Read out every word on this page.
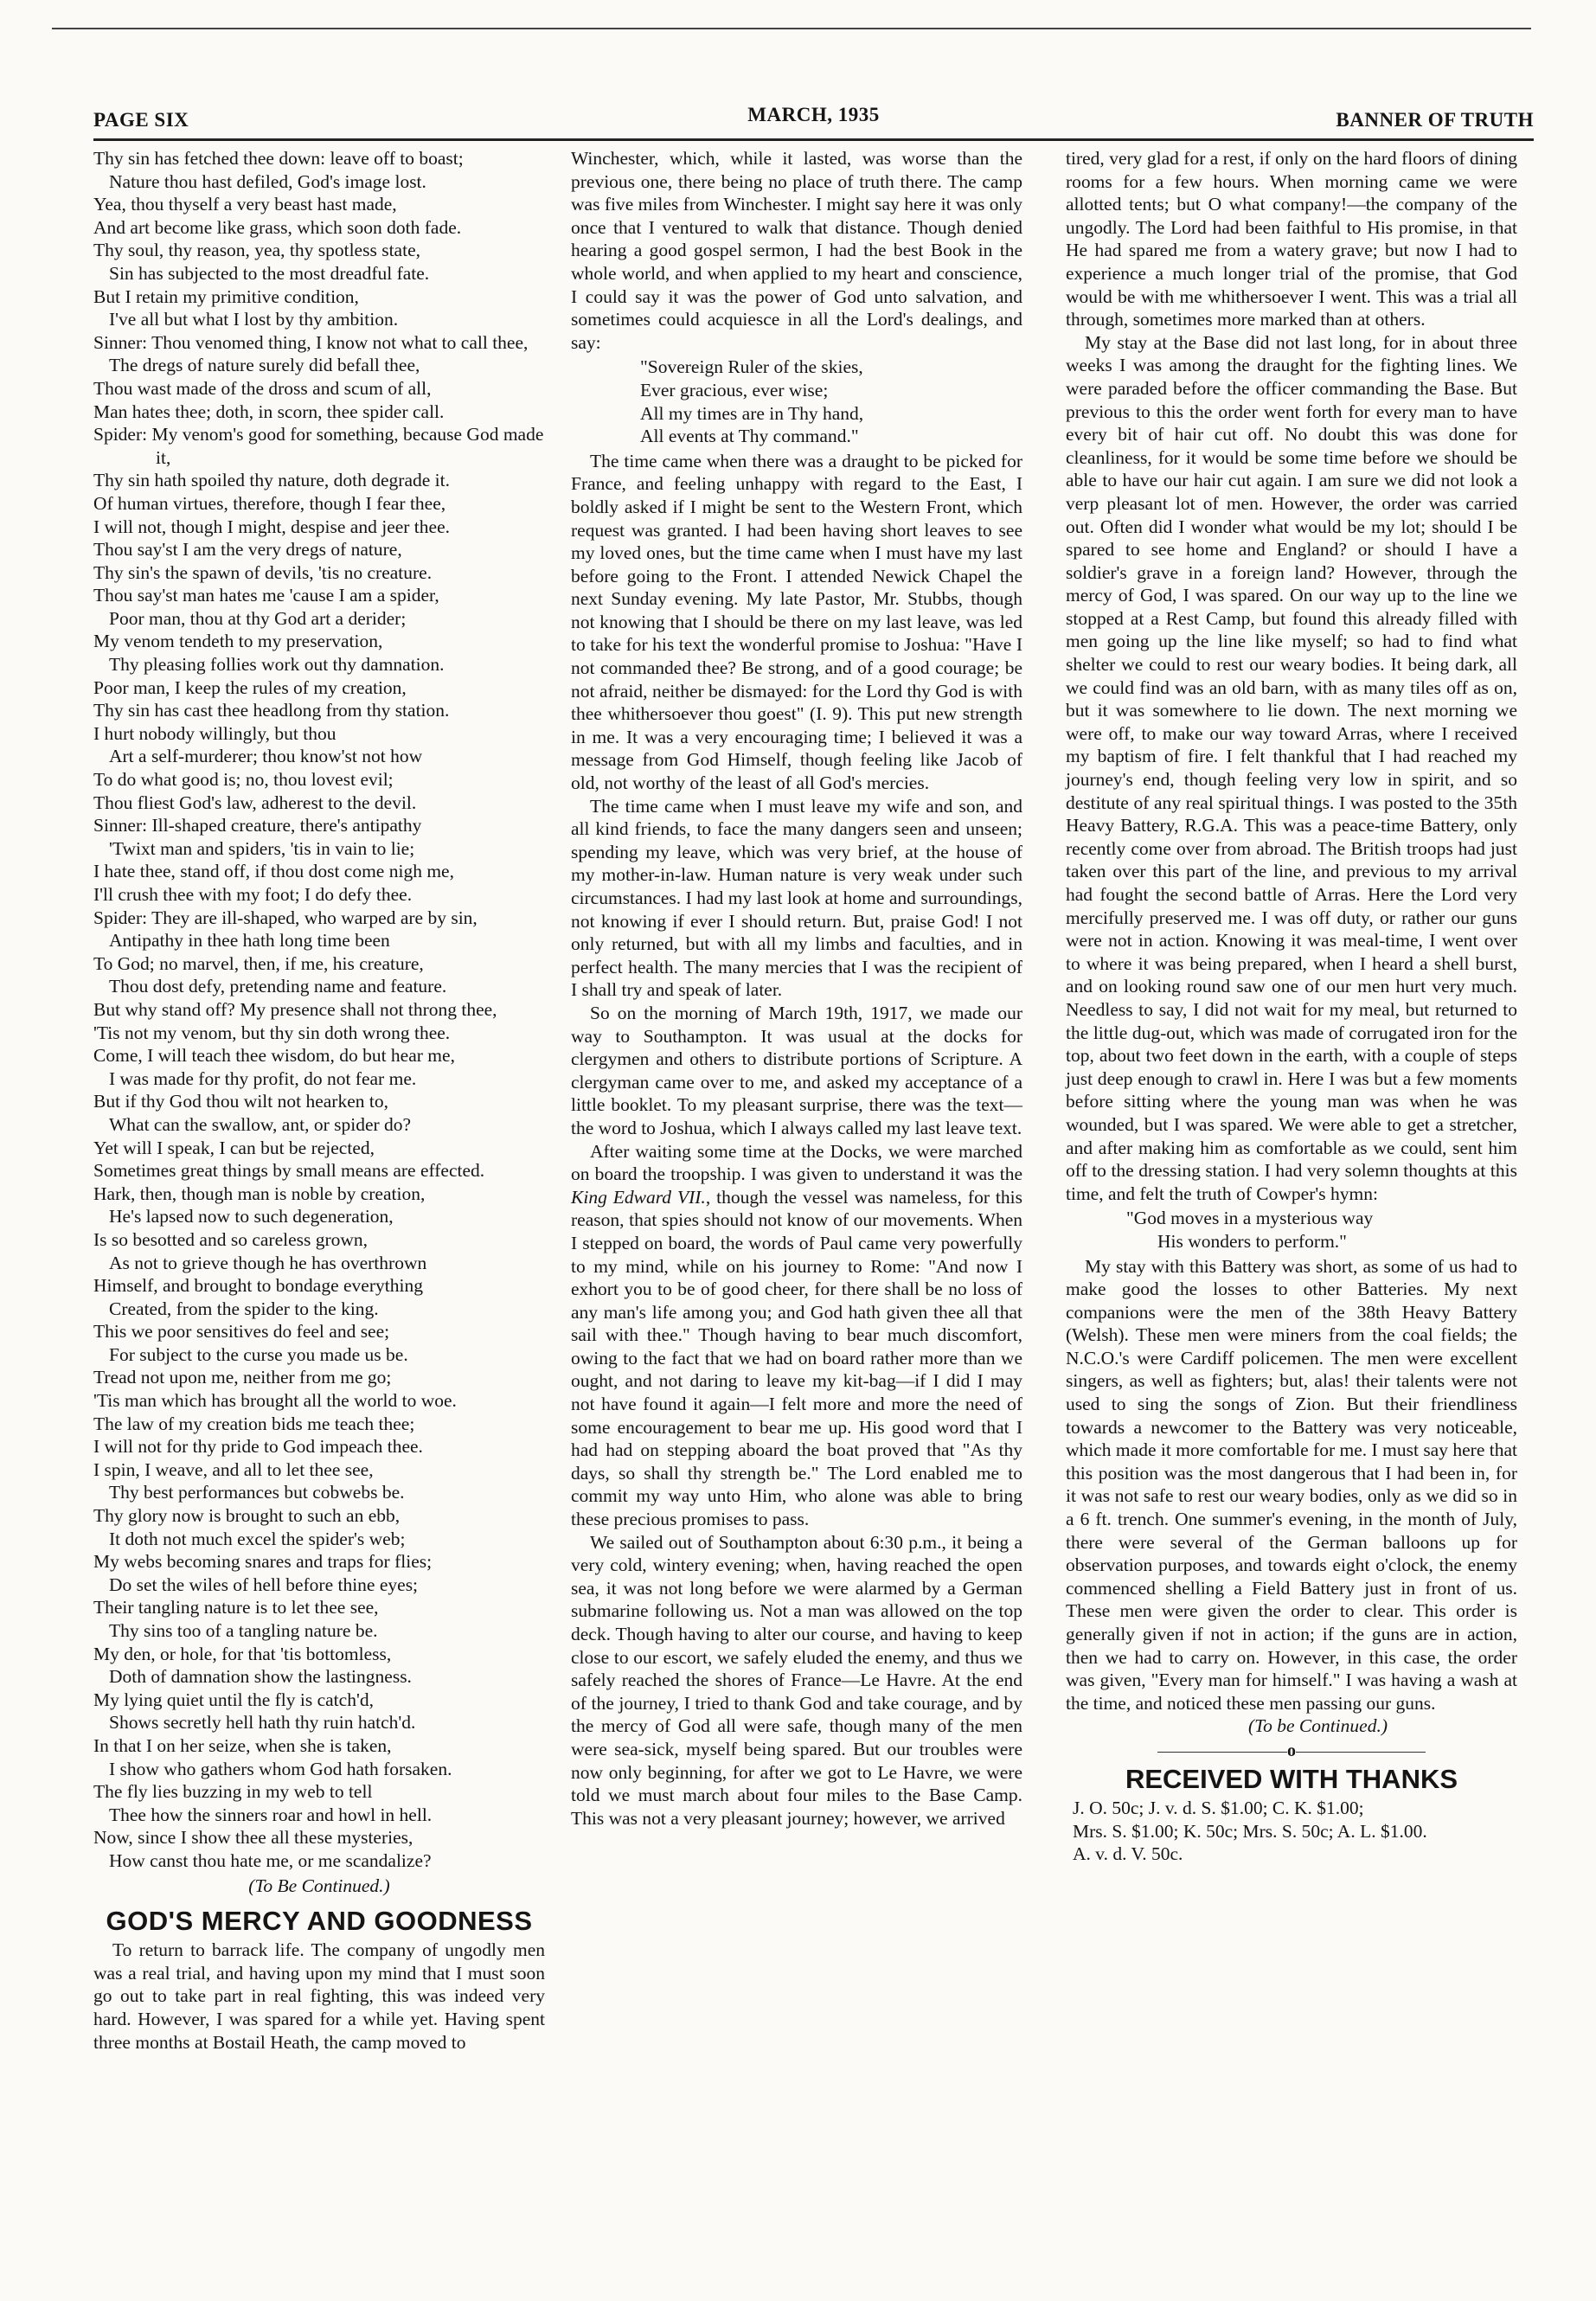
PAGE SIX	MARCH, 1935	BANNER OF TRUTH
Thy sin has fetched thee down: leave off to boast;
Nature thou hast defiled, God's image lost.
Yea, thou thyself a very beast hast made,
And art become like grass, which soon doth fade.
Thy soul, thy reason, yea, thy spotless state,
Sin has subjected to the most dreadful fate.
But I retain my primitive condition,
I've all but what I lost by thy ambition.
Sinner: Thou venomed thing, I know not what to call thee,
The dregs of nature surely did befall thee,
Thou wast made of the dross and scum of all,
Man hates thee; doth, in scorn, thee spider call.
Spider: My venom's good for something, because God made it,
Thy sin hath spoiled thy nature, doth degrade it.
Of human virtues, therefore, though I fear thee,
I will not, though I might, despise and jeer thee.
Thou say'st I am the very dregs of nature,
Thy sin's the spawn of devils, 'tis no creature.
Thou say'st man hates me 'cause I am a spider,
Poor man, thou at thy God art a derider;
My venom tendeth to my preservation,
Thy pleasing follies work out thy damnation.
Poor man, I keep the rules of my creation,
Thy sin has cast thee headlong from thy station.
I hurt nobody willingly, but thou
Art a self-murderer; thou know'st not how
To do what good is; no, thou lovest evil;
Thou fliest God's law, adherest to the devil.
Sinner: Ill-shaped creature, there's antipathy
'Twixt man and spiders, 'tis in vain to lie;
I hate thee, stand off, if thou dost come nigh me,
I'll crush thee with my foot; I do defy thee.
Spider: They are ill-shaped, who warped are by sin,
Antipathy in thee hath long time been
To God; no marvel, then, if me, his creature,
Thou dost defy, pretending name and feature.
But why stand off? My presence shall not throng thee,
'Tis not my venom, but thy sin doth wrong thee.
Come, I will teach thee wisdom, do but hear me,
I was made for thy profit, do not fear me.
But if thy God thou wilt not hearken to,
What can the swallow, ant, or spider do?
Yet will I speak, I can but be rejected,
Sometimes great things by small means are effected.
Hark, then, though man is noble by creation,
He's lapsed now to such degeneration,
Is so besotted and so careless grown,
As not to grieve though he has overthrown
Himself, and brought to bondage everything
Created, from the spider to the king.
This we poor sensitives do feel and see;
For subject to the curse you made us be.
Tread not upon me, neither from me go;
'Tis man which has brought all the world to woe.
The law of my creation bids me teach thee;
I will not for thy pride to God impeach thee.
I spin, I weave, and all to let thee see,
Thy best performances but cobwebs be.
Thy glory now is brought to such an ebb,
It doth not much excel the spider's web;
My webs becoming snares and traps for flies;
Do set the wiles of hell before thine eyes;
Their tangling nature is to let thee see,
Thy sins too of a tangling nature be.
My den, or hole, for that 'tis bottomless,
Doth of damnation show the lastingness.
My lying quiet until the fly is catch'd,
Shows secretly hell hath thy ruin hatch'd.
In that I on her seize, when she is taken,
I show who gathers whom God hath forsaken.
The fly lies buzzing in my web to tell
Thee how the sinners roar and howl in hell.
Now, since I show thee all these mysteries,
How canst thou hate me, or me scandalize?
(To Be Continued.)
GOD'S MERCY AND GOODNESS

To return to barrack life. The company of ungodly men was a real trial, and having upon my mind that I must soon go out to take part in real fighting, this was indeed very hard. However, I was spared for a while yet. Having spent three months at Bostail Heath, the camp moved to

Winchester, which, while it lasted, was worse than the previous one, there being no place of truth there. The camp was five miles from Winchester. I might say here it was only once that I ventured to walk that distance. Though denied hearing a good gospel sermon, I had the best Book in the whole world, and when applied to my heart and conscience, I could say it was the power of God unto salvation, and sometimes could acquiesce in all the Lord's dealings, and say:

"Sovereign Ruler of the skies,
Ever gracious, ever wise;
All my times are in Thy hand,
All events at Thy command."

The time came when there was a draught to be picked for France, and feeling unhappy with regard to the East, I boldly asked if I might be sent to the Western Front, which request was granted. I had been having short leaves to see my loved ones, but the time came when I must have my last before going to the Front. I attended Newick Chapel the next Sunday evening. My late Pastor, Mr. Stubbs, though not knowing that I should be there on my last leave, was led to take for his text the wonderful promise to Joshua: "Have I not commanded thee? Be strong, and of a good courage; be not afraid, neither be dismayed: for the Lord thy God is with thee whithersoever thou goest" (I. 9). This put new strength in me. It was a very encouraging time; I believed it was a message from God Himself, though feeling like Jacob of old, not worthy of the least of all God's mercies.

The time came when I must leave my wife and son, and all kind friends, to face the many dangers seen and unseen; spending my leave, which was very brief, at the house of my mother-in-law. Human nature is very weak under such circumstances. I had my last look at home and surroundings, not knowing if ever I should return. But, praise God! I not only returned, but with all my limbs and faculties, and in perfect health. The many mercies that I was the recipient of I shall try and speak of later.

So on the morning of March 19th, 1917, we made our way to Southampton. It was usual at the docks for clergymen and others to distribute portions of Scripture. A clergyman came over to me, and asked my acceptance of a little booklet. To my pleasant surprise, there was the text—the word to Joshua, which I always called my last leave text.

After waiting some time at the Docks, we were marched on board the troopship. I was given to understand it was the King Edward VII., though the vessel was nameless, for this reason, that spies should not know of our movements. When I stepped on board, the words of Paul came very powerfully to my mind, while on his journey to Rome: "And now I exhort you to be of good cheer, for there shall be no loss of any man's life among you; and God hath given thee all that sail with thee." Though having to bear much discomfort, owing to the fact that we had on board rather more than we ought, and not daring to leave my kit-bag—if I did I may not have found it again—I felt more and more the need of some encouragement to bear me up. His good word that I had had on stepping aboard the boat proved that "As thy days, so shall thy strength be." The Lord enabled me to commit my way unto Him, who alone was able to bring these precious promises to pass.

We sailed out of Southampton about 6:30 p.m., it being a very cold, wintery evening; when, having reached the open sea, it was not long before we were alarmed by a German submarine following us. Not a man was allowed on the top deck. Though having to alter our course, and having to keep close to our escort, we safely eluded the enemy, and thus we safely reached the shores of France—Le Havre. At the end of the journey, I tried to thank God and take courage, and by the mercy of God all were safe, though many of the men were sea-sick, myself being spared. But our troubles were now only beginning, for after we got to Le Havre, we were told we must march about four miles to the Base Camp. This was not a very pleasant journey; however, we arrived

tired, very glad for a rest, if only on the hard floors of dining rooms for a few hours. When morning came we were allotted tents; but O what company!—the company of the ungodly. The Lord had been faithful to His promise, in that He had spared me from a watery grave; but now I had to experience a much longer trial of the promise, that God would be with me whithersoever I went. This was a trial all through, sometimes more marked than at others.

My stay at the Base did not last long, for in about three weeks I was among the draught for the fighting lines. We were paraded before the officer commanding the Base. But previous to this the order went forth for every man to have every bit of hair cut off. No doubt this was done for cleanliness, for it would be some time before we should be able to have our hair cut again. I am sure we did not look a verp pleasant lot of men. However, the order was carried out. Often did I wonder what would be my lot; should I be spared to see home and England? or should I have a soldier's grave in a foreign land? However, through the mercy of God, I was spared. On our way up to the line we stopped at a Rest Camp, but found this already filled with men going up the line like myself; so had to find what shelter we could to rest our weary bodies. It being dark, all we could find was an old barn, with as many tiles off as on, but it was somewhere to lie down. The next morning we were off, to make our way toward Arras, where I received my baptism of fire. I felt thankful that I had reached my journey's end, though feeling very low in spirit, and so destitute of any real spiritual things. I was posted to the 35th Heavy Battery, R.G.A. This was a peace-time Battery, only recently come over from abroad. The British troops had just taken over this part of the line, and previous to my arrival had fought the second battle of Arras. Here the Lord very mercifully preserved me. I was off duty, or rather our guns were not in action. Knowing it was meal-time, I went over to where it was being prepared, when I heard a shell burst, and on looking round saw one of our men hurt very much. Needless to say, I did not wait for my meal, but returned to the little dug-out, which was made of corrugated iron for the top, about two feet down in the earth, with a couple of steps just deep enough to crawl in. Here I was but a few moments before sitting where the young man was when he was wounded, but I was spared. We were able to get a stretcher, and after making him as comfortable as we could, sent him off to the dressing station. I had very solemn thoughts at this time, and felt the truth of Cowper's hymn:

"God moves in a mysterious way
His wonders to perform."

My stay with this Battery was short, as some of us had to make good the losses to other Batteries. My next companions were the men of the 38th Heavy Battery (Welsh). These men were miners from the coal fields; the N.C.O.'s were Cardiff policemen. The men were excellent singers, as well as fighters; but, alas! their talents were not used to sing the songs of Zion. But their friendliness towards a newcomer to the Battery was very noticeable, which made it more comfortable for me. I must say here that this position was the most dangerous that I had been in, for it was not safe to rest our weary bodies, only as we did so in a 6 ft. trench. One summer's evening, in the month of July, there were several of the German balloons up for observation purposes, and towards eight o'clock, the enemy commenced shelling a Field Battery just in front of us. These men were given the order to clear. This order is generally given if not in action; if the guns are in action, then we had to carry on. However, in this case, the order was given, "Every man for himself." I was having a wash at the time, and noticed these men passing our guns.

(To be Continued.)
o
RECEIVED WITH THANKS
J. O. 50c; J. v. d. S. $1.00; C. K. $1.00;
Mrs. S. $1.00; K. 50c; Mrs. S. 50c; A. L. $1.00.
A. v. d. V. 50c.
